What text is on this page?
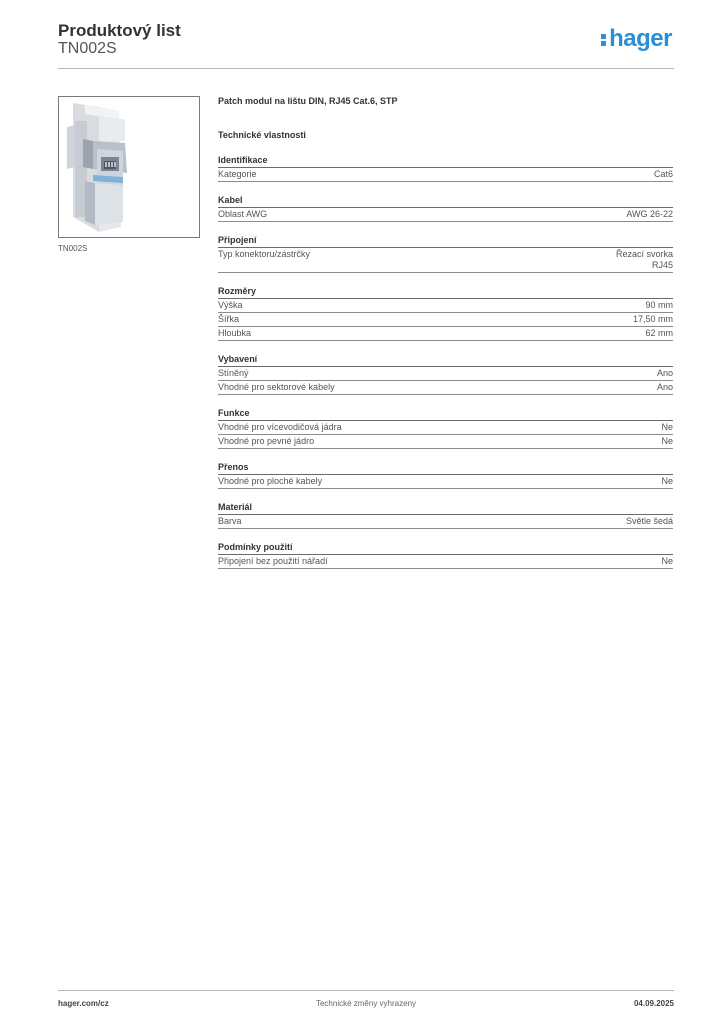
Produktový list
TN002S	hager
TN002S
Patch modul na lištu DIN, RJ45 Cat.6, STP
Technické vlastnosti
Identifikace
Kategorie	Cat6
Kabel
Oblast AWG	AWG 26-22
Připojení
Typ konektoru/zástrčky	Řezací svorka
RJ45
Rozměry
Výška	90 mm
Šířka	17,50 mm
Hloubka	62 mm
Vybavení
Stíněný	Ano
Vhodné pro sektorové kabely	Ano
Funkce
Vhodné pro vícevodičová jádra	Ne
Vhodné pro pevné jádro	Ne
Přenos
Vhodné pro ploché kabely	Ne
Materiál
Barva	Světle šedá
Podmínky použití
Připojení bez použití nářadí	Ne
hager.com/cz	Technické změny vyhrazeny	04.09.2025
